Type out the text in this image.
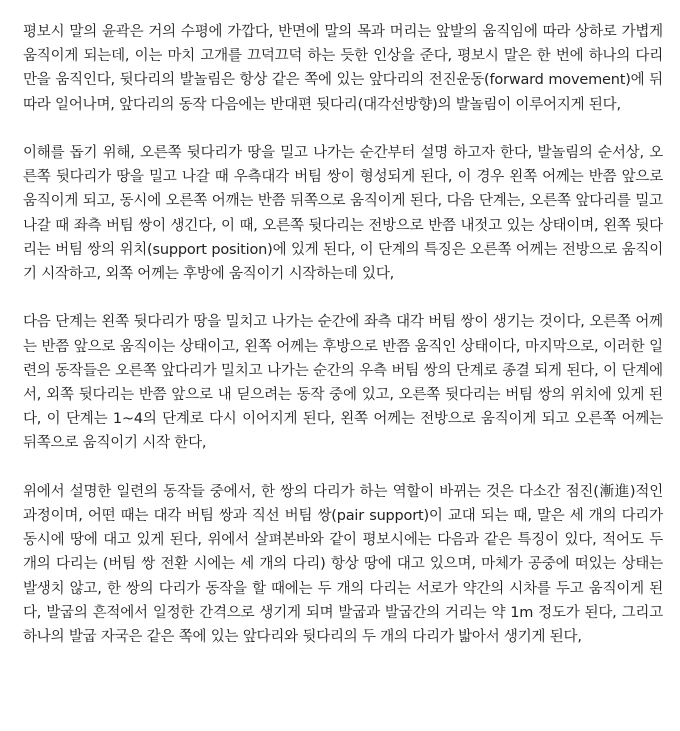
평보시 말의 윤곽은 거의 수평에 가깝다, 반면에 말의 목과 머리는 앞발의 움직임에 따라 상하로 가볍게 움직이게 되는데, 이는 마치 고개를 끄덕끄덕 하는 듯한 인상을 준다, 평보시 말은 한 번에 하나의 다리만을 움직인다, 뒷다리의 발놀림은 항상 같은 쪽에 있는 앞다리의 전진운동(forward movement)에 뒤따라 일어나며, 앞다리의 동작 다음에는 반대편 뒷다리(대각선방향)의 발놀림이 이루어지게 된다,

이해를 돕기 위해, 오른쪽 뒷다리가 땅을 밀고 나가는 순간부터 설명 하고자 한다, 발놀림의 순서상, 오른쪽 뒷다리가 땅을 밀고 나갈 때 우측대각 버팀 쌍이 형성되게 된다, 이 경우 왼쪽 어께는 반쯤 앞으로 움직이게 되고, 동시에 오른쪽 어깨는 반쯤 뒤쪽으로 움직이게 된다, 다음 단계는, 오른쪽 앞다리를 밀고 나갈 때 좌측 버팀 쌍이 생긴다, 이 때, 오른쪽 뒷다리는 전방으로 반쯤 내젓고 있는 상태이며, 왼쪽 뒷다리는 버팀 쌍의 위치(support position)에 있게 된다, 이 단계의 특징은 오른쪽 어께는 전방으로 움직이기 시작하고, 외쪽 어께는 후방에 움직이기 시작하는데 있다,

다음 단계는 왼쪽 뒷다리가 땅을 밀치고 나가는 순간에 좌측 대각 버팀 쌍이 생기는 것이다, 오른쪽 어께는 반쯤 앞으로 움직이는 상태이고, 왼쪽 어께는 후방으로 반쯤 움직인 상태이다, 마지막으로, 이러한 일련의 동작들은 오른쪽 앞다리가 밀치고 나가는 순간의 우측 버팀 쌍의 단계로 종결 되게 된다, 이 단계에서, 외쪽 뒷다리는 반쯤 앞으로 내 딛으려는 동작 중에 있고, 오른쪽 뒷다리는 버팀 쌍의 위치에 있게 된다, 이 단계는 1~4의 단계로 다시 이어지게 된다, 왼쪽 어께는 전방으로 움직이게 되고 오른쪽 어께는 뒤쪽으로 움직이기 시작 한다,

위에서 설명한 일련의 동작들 중에서, 한 쌍의 다리가 하는 역할이 바뀌는 것은 다소간 점진(漸進)적인 과정이며, 어떤 때는 대각 버팀 쌍과 직선 버팀 쌍(pair support)이 교대 되는 때, 말은 세 개의 다리가 동시에 땅에 대고 있게 된다, 위에서 살펴본바와 같이 평보시에는 다음과 같은 특징이 있다, 적어도 두 개의 다리는 (버팀 쌍 전환 시에는 세 개의 다리) 항상 땅에 대고 있으며, 마체가 공중에 떠있는 상태는 발생치 않고, 한 쌍의 다리가 동작을 할 때에는 두 개의 다리는 서로가 약간의 시차를 두고 움직이게 된다, 발굽의 흔적에서 일정한 간격으로 생기게 되며 발굽과 발굽간의 거리는 약 1m 정도가 된다, 그리고 하나의 발굽 자국은 같은 쪽에 있는 앞다리와 뒷다리의 두 개의 다리가 밟아서 생기게 된다,
